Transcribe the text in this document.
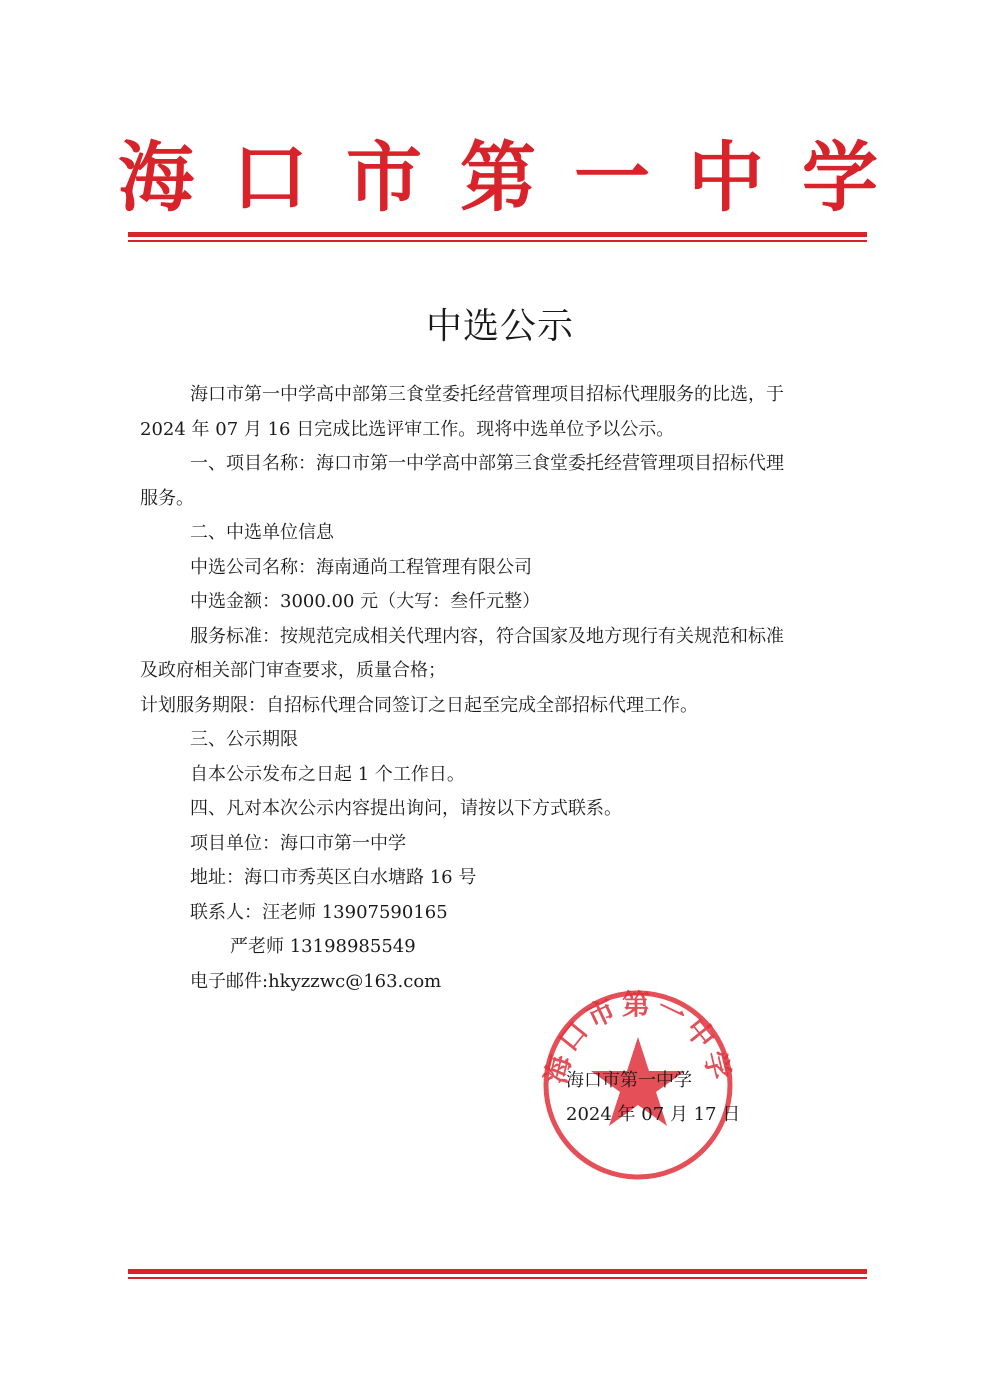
海 口 市 第 一 中 学
中选公示

海口市第一中学高中部第三食堂委托经营管理项目招标代理服务的比选，于

2024 年 07 月 16 日完成比选评审工作。现将中选单位予以公示。

一、项目名称：海口市第一中学高中部第三食堂委托经营管理项目招标代理

服务。

二、中选单位信息

中选公司名称：海南通尚工程管理有限公司

中选金额：3000.00 元（大写：叁仟元整）

服务标准：按规范完成相关代理内容，符合国家及地方现行有关规范和标准

及政府相关部门审查要求，质量合格；

计划服务期限：自招标代理合同签订之日起至完成全部招标代理工作。

三、公示期限

自本公示发布之日起 1 个工作日。

四、凡对本次公示内容提出询问，请按以下方式联系。

项目单位：海口市第一中学

地址：海口市秀英区白水塘路 16 号

联系人：汪老师 13907590165

严老师 13198985549

电子邮件:hkyzzwc@163.com

海口市第一中学

海口市第一中学

2024 年 07 月 17 日
